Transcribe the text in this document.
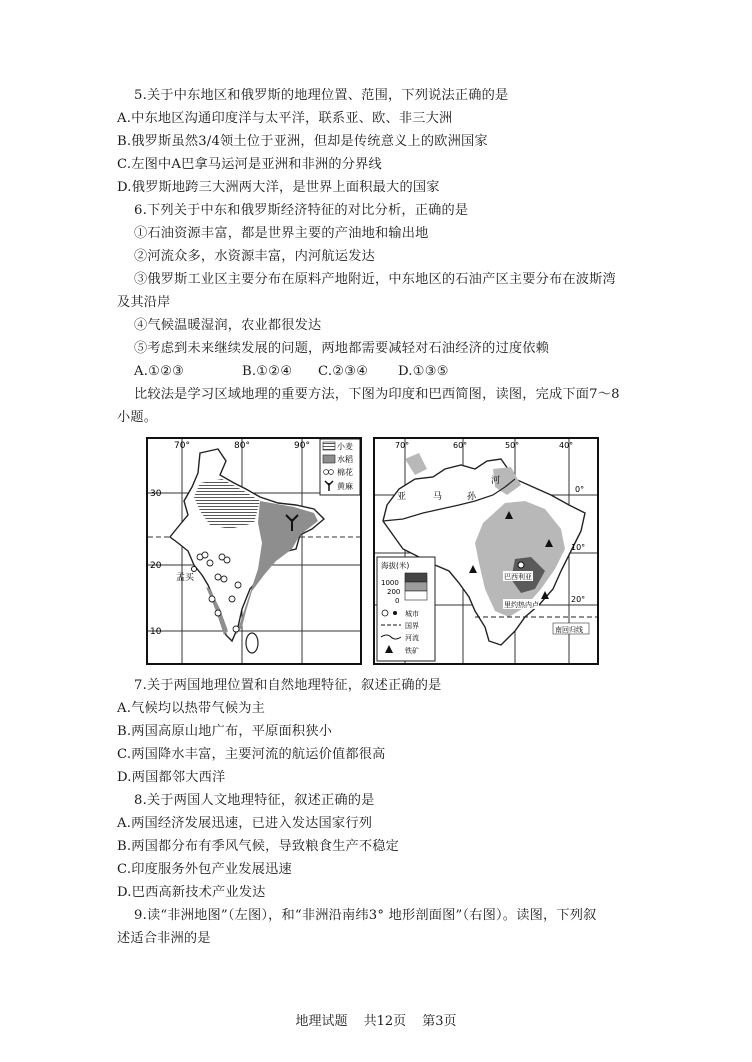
5.关于中东地区和俄罗斯的地理位置、范围，下列说法正确的是
A.中东地区沟通印度洋与太平洋，联系亚、欧、非三大洲
B.俄罗斯虽然3/4领土位于亚洲，但却是传统意义上的欧洲国家
C.左图中A巴拿马运河是亚洲和非洲的分界线
D.俄罗斯地跨三大洲两大洋，是世界上面积最大的国家
6.下列关于中东和俄罗斯经济特征的对比分析，正确的是
①石油资源丰富，都是世界主要的产油地和输出地
②河流众多，水资源丰富，内河航运发达
③俄罗斯工业区主要分布在原料产地附近，中东地区的石油产区主要分布在波斯湾
及其沿岸
④气候温暖湿润，农业都很发达
⑤考虑到未来继续发展的问题，两地都需要减轻对石油经济的过度依赖
A.①②③	B.①②④ C.②③④ D.①③⑤
比较法是学习区域地理的重要方法，下图为印度和巴西简图，读图，完成下面7～8
小题。
孟买
70°	80°	90°
30
20
10
小麦
水稻
棉花
黄麻
亚	马	孙
河
巴西利亚
里约热内卢
南回归线
70°	60°	50°	40°
0°
10°
20°
海拔(米)
1000
200
0
城市
国界
河流
铁矿
7.关于两国地理位置和自然地理特征，叙述正确的是
A.气候均以热带气候为主
B.两国高原山地广布，平原面积狭小
C.两国降水丰富，主要河流的航运价值都很高
D.两国都邻大西洋
8.关于两国人文地理特征，叙述正确的是
A.两国经济发展迅速，已进入发达国家行列
B.两国都分布有季风气候，导致粮食生产不稳定
C.印度服务外包产业发展迅速
D.巴西高新技术产业发达
9.读“非洲地图”（左图），和“非洲沿南纬3° 地形剖面图”（右图）。读图，下列叙
述适合非洲的是
地理试题 共12页 第3页
